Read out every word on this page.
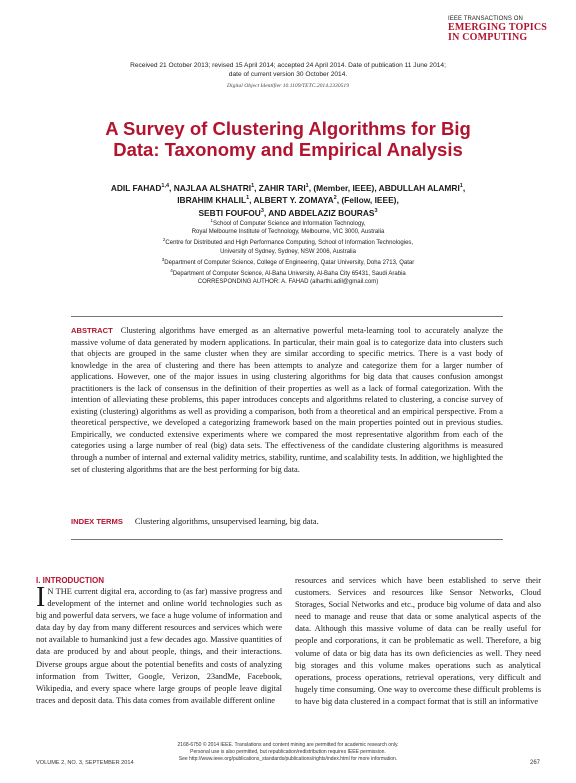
IEEE TRANSACTIONS ON
EMERGING TOPICS
IN COMPUTING
Received 21 October 2013; revised 15 April 2014; accepted 24 April 2014. Date of publication 11 June 2014;
date of current version 30 October 2014.
Digital Object Identifier 10.1109/TETC.2014.2330519
A Survey of Clustering Algorithms for Big
Data: Taxonomy and Empirical Analysis
ADIL FAHAD$^{1,4}$, NAJLAA ALSHATRI$^1$, ZAHIR TARI$^1$, (Member, IEEE), ABDULLAH ALAMRI$^1$,
IBRAHIM KHALIL$^1$, ALBERT Y. ZOMAYA$^2$, (Fellow, IEEE),
SEBTI FOUFOU$^3$, AND ABDELAZIZ BOURAS$^3$
$^1$School of Computer Science and Information Technology,
Royal Melbourne Institute of Technology, Melbourne, VIC 3000, Australia
$^2$Centre for Distributed and High Performance Computing, School of Information Technologies,
University of Sydney, Sydney, NSW 2006, Australia
$^3$Department of Computer Science, College of Engineering, Qatar University, Doha 2713, Qatar
$^4$Department of Computer Science, Al-Baha University, Al-Baha City 65431, Saudi Arabia
CORRESPONDING AUTHOR: A. FAHAD (alharthi.adil@gmail.com)
ABSTRACT Clustering algorithms have emerged as an alternative powerful meta-learning tool to accurately analyze the massive volume of data generated by modern applications. In particular, their main goal is to categorize data into clusters such that objects are grouped in the same cluster when they are similar according to specific metrics. There is a vast body of knowledge in the area of clustering and there has been attempts to analyze and categorize them for a larger number of applications. However, one of the major issues in using clustering algorithms for big data that causes confusion amongst practitioners is the lack of consensus in the definition of their properties as well as a lack of formal categorization. With the intention of alleviating these problems, this paper introduces concepts and algorithms related to clustering, a concise survey of existing (clustering) algorithms as well as providing a comparison, both from a theoretical and an empirical perspective. From a theoretical perspective, we developed a categorizing framework based on the main properties pointed out in previous studies. Empirically, we conducted extensive experiments where we compared the most representative algorithm from each of the categories using a large number of real (big) data sets. The effectiveness of the candidate clustering algorithms is measured through a number of internal and external validity metrics, stability, runtime, and scalability tests. In addition, we highlighted the set of clustering algorithms that are the best performing for big data.
INDEX TERMS Clustering algorithms, unsupervised learning, big data.
I. INTRODUCTION
I N THE current digital era, according to (as far) massive progress and development of the internet and online world technologies such as big and powerful data servers, we face a huge volume of information and data day by day from many different resources and services which were not available to humankind just a few decades ago. Massive quantities of data are produced by and about people, things, and their interactions. Diverse groups argue about the potential benefits and costs of analyzing information from Twitter, Google, Verizon, 23andMe, Facebook, Wikipedia, and every space where large groups of people leave digital traces and deposit data. This data comes from available different online
resources and services which have been established to serve their customers. Services and resources like Sensor Networks, Cloud Storages, Social Networks and etc., produce big volume of data and also need to manage and reuse that data or some analytical aspects of the data. Although this massive volume of data can be really useful for people and corporations, it can be problematic as well. Therefore, a big volume of data or big data has its own deficiencies as well. They need big storages and this volume makes operations such as analytical operations, process operations, retrieval operations, very difficult and hugely time consuming. One way to overcome these difficult problems is to have big data clustered in a compact format that is still an informative
2168-6750 © 2014 IEEE. Translations and content mining are permitted for academic research only.
Personal use is also permitted, but republication/redistribution requires IEEE permission.
See http://www.ieee.org/publications_standards/publications/rights/index.html for more information.
VOLUME 2, NO. 3, SEPTEMBER 2014	267
